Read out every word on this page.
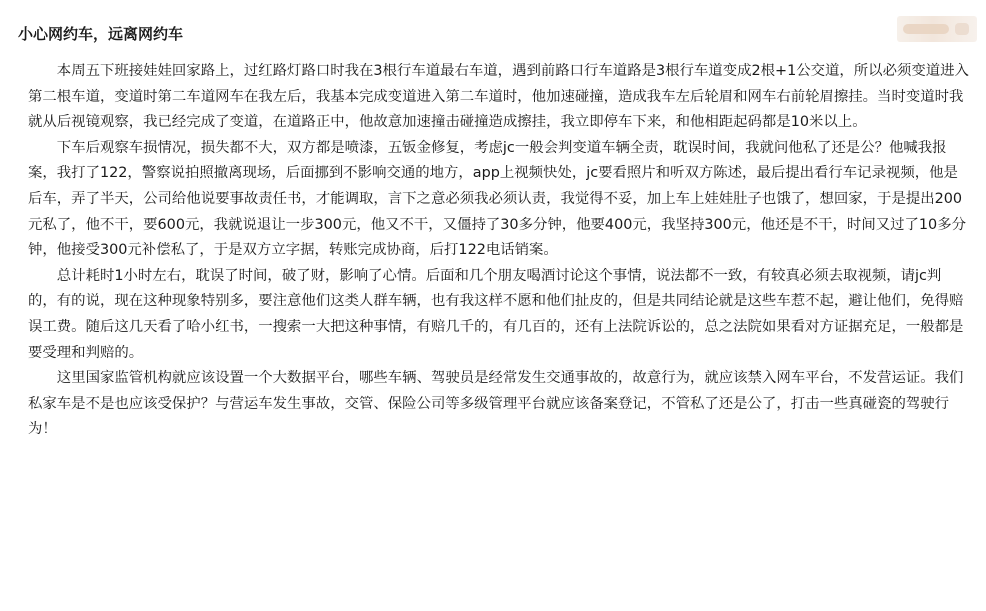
小心网约车，远离网约车

本周五下班接娃娃回家路上，过红路灯路口时我在3根行车道最右车道，遇到前路口行车道路是3根行车道变成2根+1公交道，所以必须变道进入第二根车道，变道时第二车道网车在我左后，我基本完成变道进入第二车道时，他加速碰撞，造成我车左后轮眉和网车右前轮眉擦挂。当时变道时我就从后视镜观察，我已经完成了变道，在道路正中，他故意加速撞击碰撞造成擦挂，我立即停车下来，和他相距起码都是10米以上。

下车后观察车损情况，损失都不大，双方都是喷漆，五钣金修复，考虑jc一般会判变道车辆全责，耽误时间，我就问他私了还是公？他喊我报案，我打了122，警察说拍照撤离现场，后面挪到不影响交通的地方，app上视频快处，jc要看照片和听双方陈述，最后提出看行车记录视频，他是后车，弄了半天，公司给他说要事故责任书，才能调取，言下之意必须我必须认责，我觉得不妥，加上车上娃娃肚子也饿了，想回家，于是提出200元私了，他不干，要600元，我就说退让一步300元，他又不干，又僵持了30多分钟，他要400元，我坚持300元，他还是不干，时间又过了10多分钟，他接受300元补偿私了，于是双方立字据，转账完成协商，后打122电话销案。

总计耗时1小时左右，耽误了时间，破了财，影响了心情。后面和几个朋友喝酒讨论这个事情，说法都不一致，有较真必须去取视频，请jc判的，有的说，现在这种现象特别多，要注意他们这类人群车辆，也有我这样不愿和他们扯皮的，但是共同结论就是这些车惹不起，避让他们，免得赔误工费。随后这几天看了哈小红书，一搜索一大把这种事情，有赔几千的，有几百的，还有上法院诉讼的，总之法院如果看对方证据充足，一般都是要受理和判赔的。

这里国家监管机构就应该设置一个大数据平台，哪些车辆、驾驶员是经常发生交通事故的，故意行为，就应该禁入网车平台，不发营运证。我们私家车是不是也应该受保护？与营运车发生事故，交管、保险公司等多级管理平台就应该备案登记，不管私了还是公了，打击一些真碰瓷的驾驶行为！
